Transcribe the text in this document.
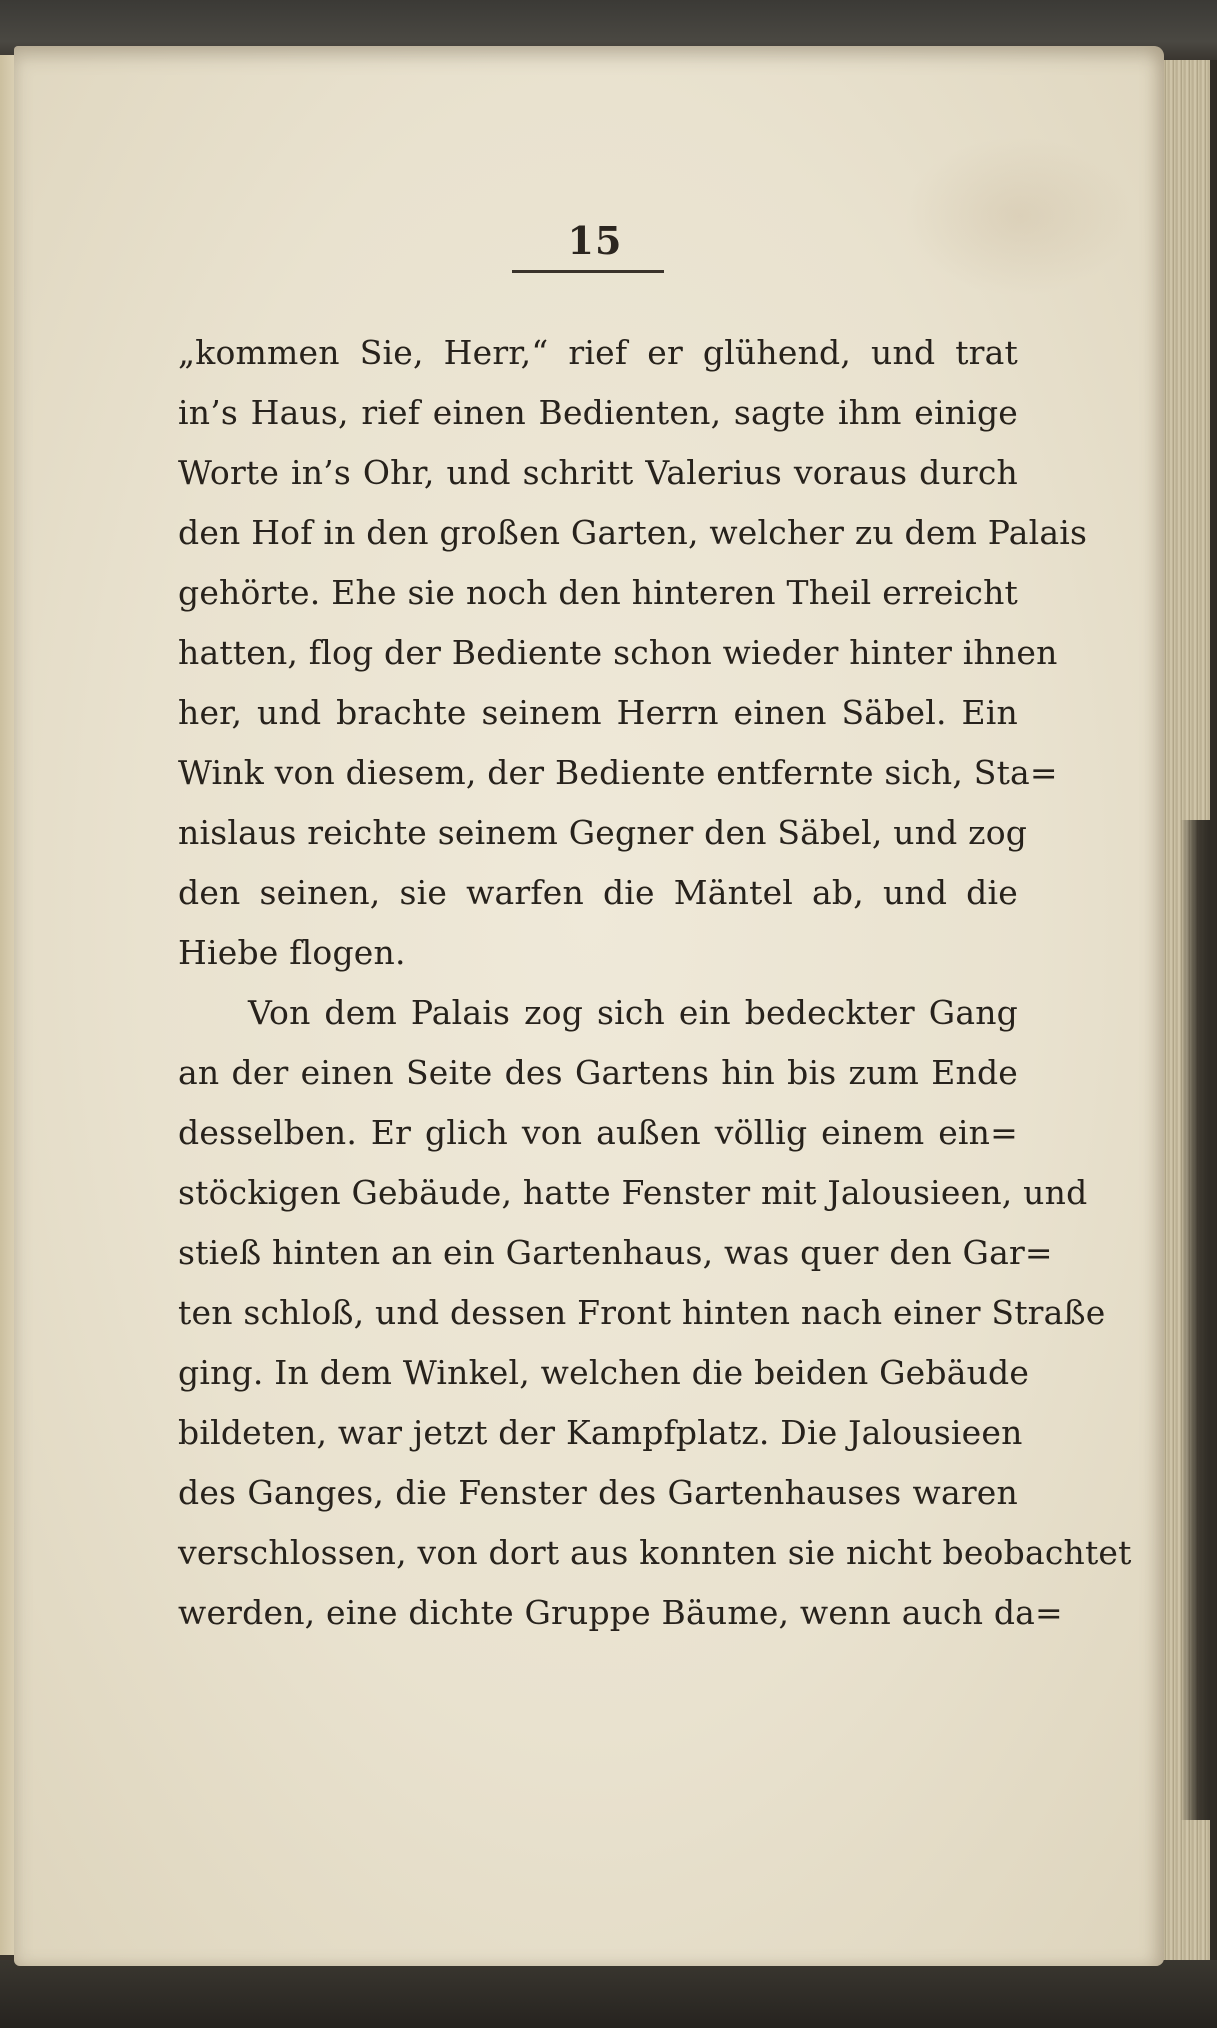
15
„kommen Sie, Herr,“ rief er glühend, und trat
in’s Haus, rief einen Bedienten, sagte ihm einige
Worte in’s Ohr, und schritt Valerius voraus durch
den Hof in den großen Garten, welcher zu dem Palais
gehörte. Ehe sie noch den hinteren Theil erreicht
hatten, flog der Bediente schon wieder hinter ihnen
her, und brachte seinem Herrn einen Säbel. Ein
Wink von diesem, der Bediente entfernte sich, Sta=
nislaus reichte seinem Gegner den Säbel, und zog
den seinen, sie warfen die Mäntel ab, und die
Hiebe flogen.
Von dem Palais zog sich ein bedeckter Gang
an der einen Seite des Gartens hin bis zum Ende
desselben. Er glich von außen völlig einem ein=
stöckigen Gebäude, hatte Fenster mit Jalousieen, und
stieß hinten an ein Gartenhaus, was quer den Gar=
ten schloß, und dessen Front hinten nach einer Straße
ging. In dem Winkel, welchen die beiden Gebäude
bildeten, war jetzt der Kampfplatz. Die Jalousieen
des Ganges, die Fenster des Gartenhauses waren
verschlossen, von dort aus konnten sie nicht beobachtet
werden, eine dichte Gruppe Bäume, wenn auch da=
